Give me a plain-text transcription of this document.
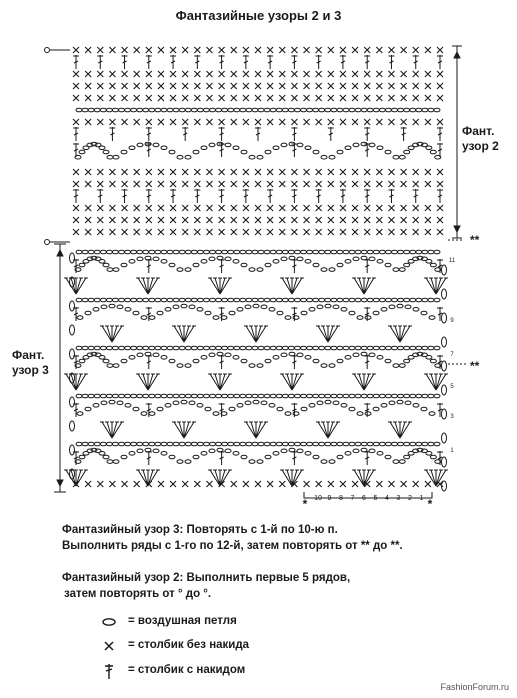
Фантазийные узоры 2 и 3
**
**
*	*
11
9
7
5
3
1
10 9 8 7 6 5 4 3 2 1
Фант.
узор 2
Фант.
узор 3
Фантазийный узор 3: Повторять с 1-й по 10-ю п.
Выполнить ряды с 1-го по 12-й, затем повторять от ** до **.
Фантазийный узор 2: Выполнить первые 5 рядов,
затем повторять от ° до °.
= воздушная петля
= столбик без накида
= столбик с накидом
FashionForum.ru
